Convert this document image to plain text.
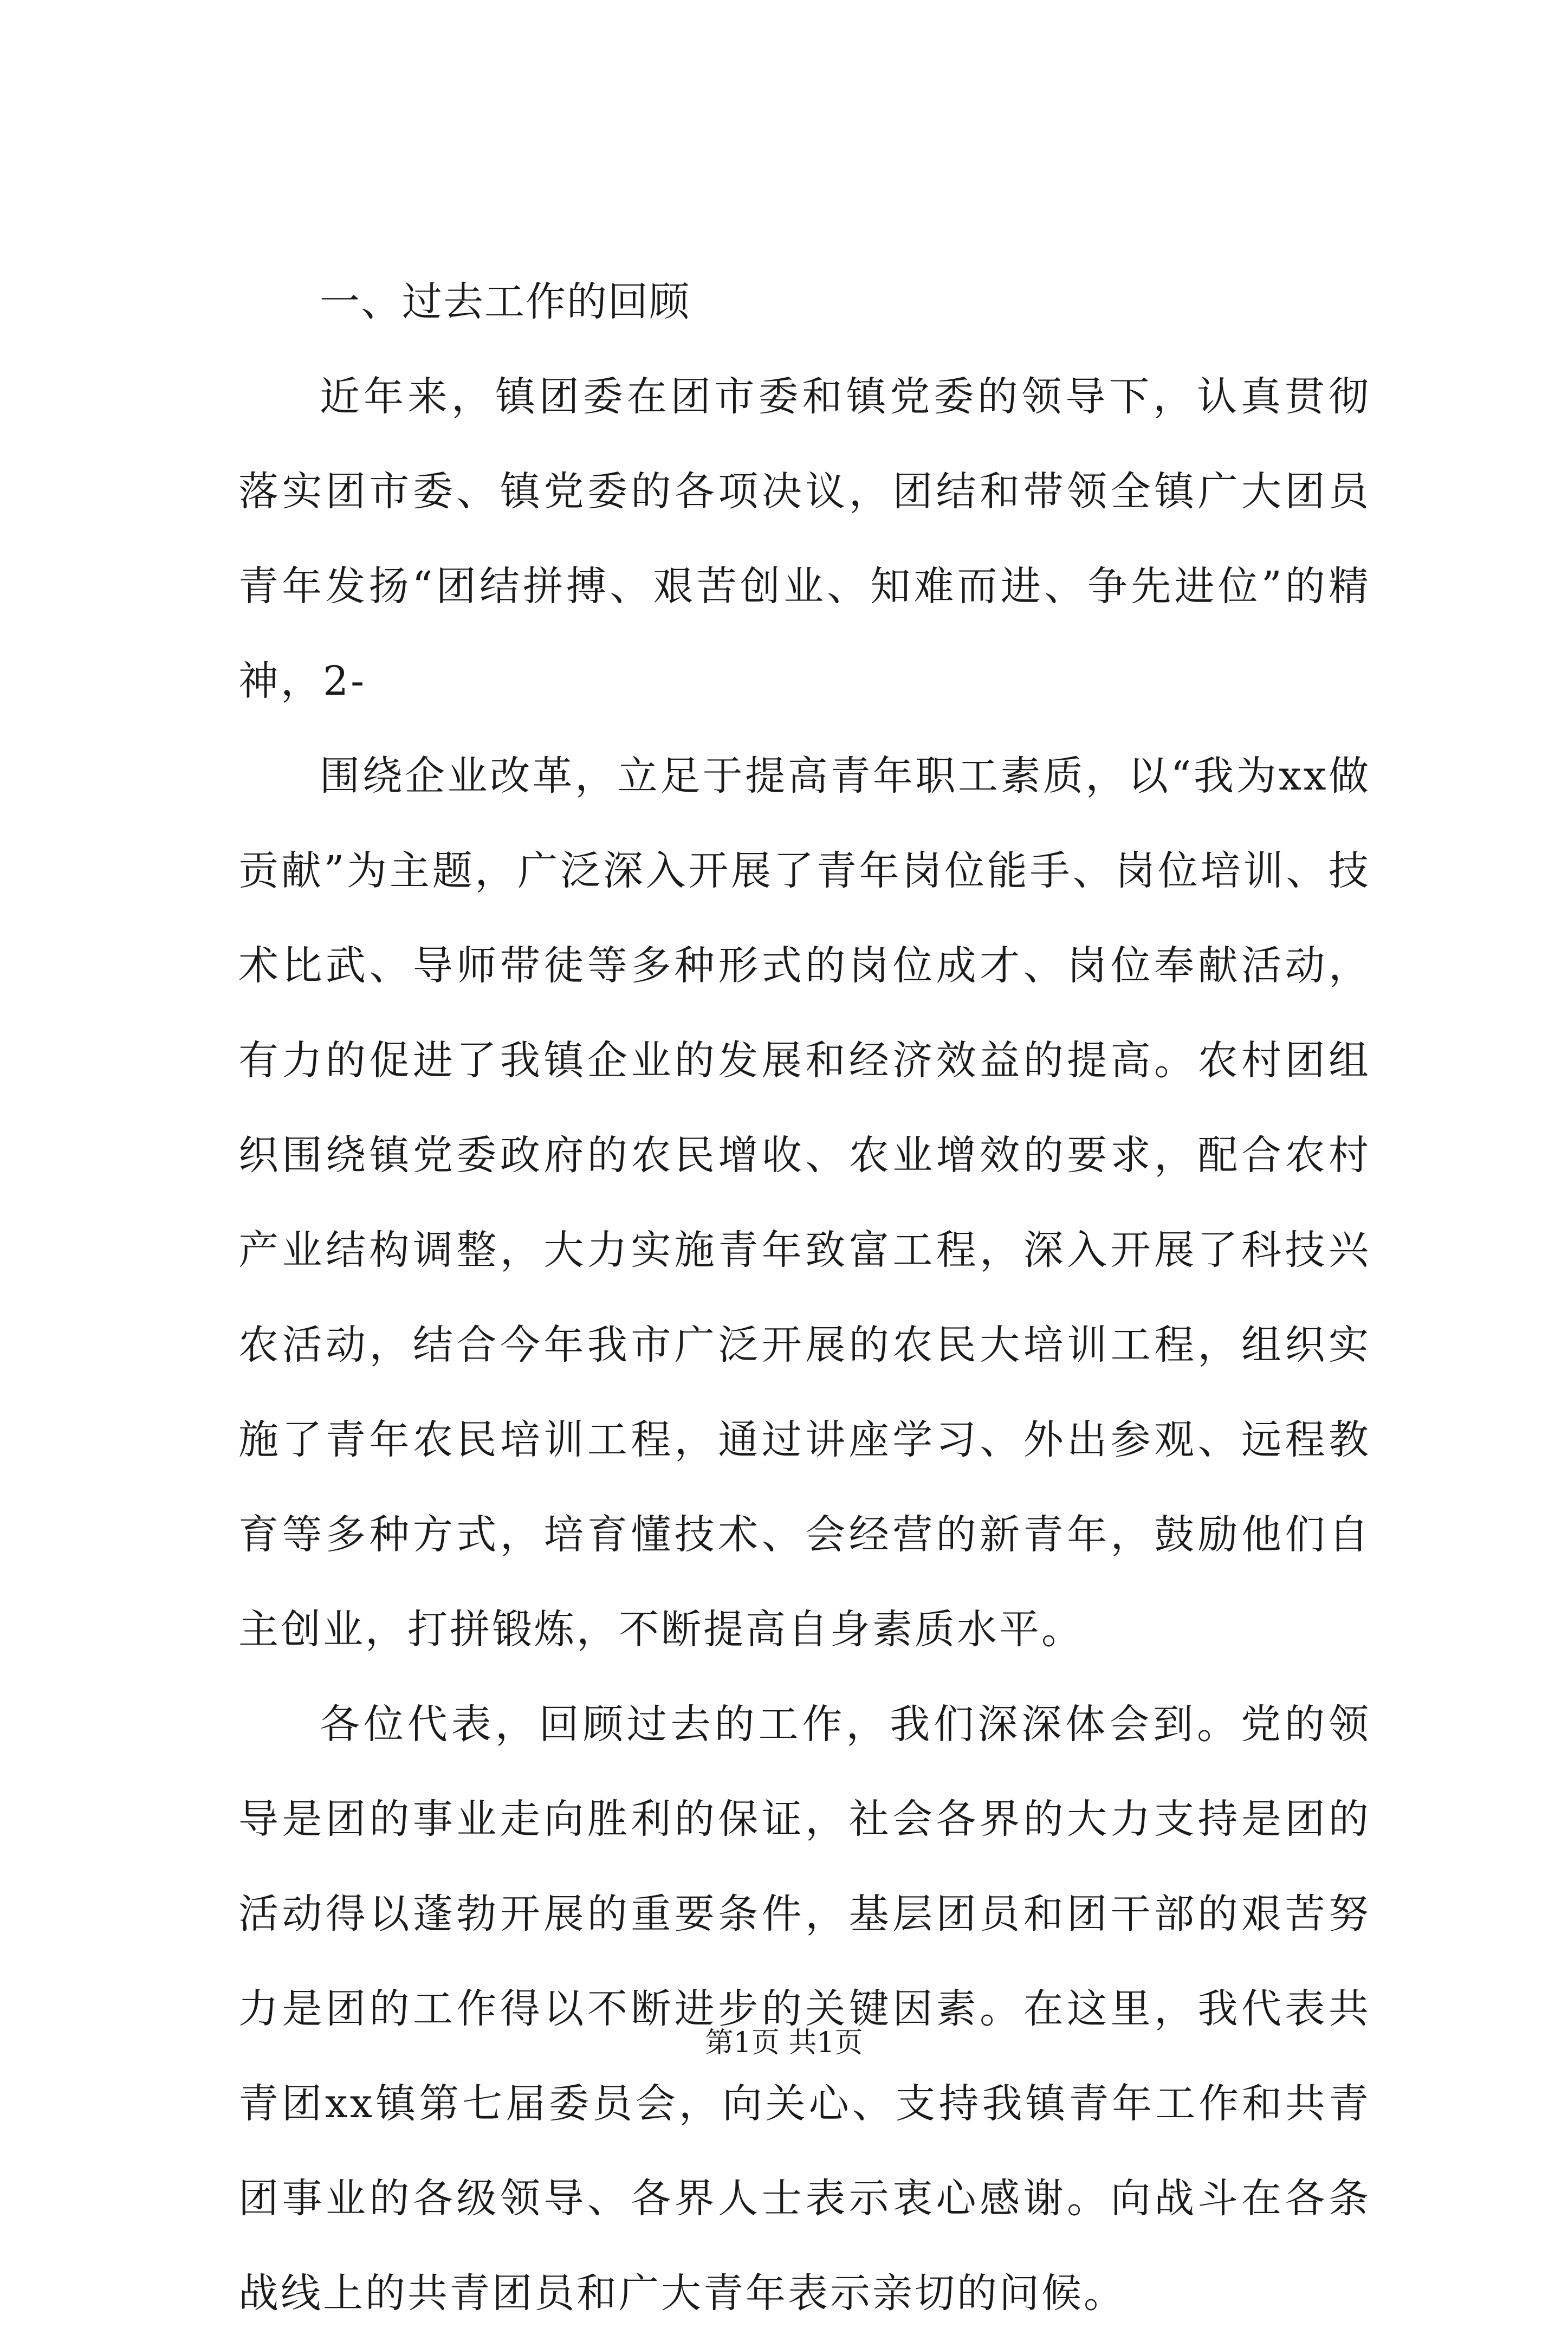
一、过去工作的回顾

近年来，镇团委在团市委和镇党委的领导下，认真贯彻落实团市委、镇党委的各项决议，团结和带领全镇广大团员青年发扬“团结拼搏、艰苦创业、知难而进、争先进位”的精神，2-

围绕企业改革，立足于提高青年职工素质，以“我为xx做贡献”为主题，广泛深入开展了青年岗位能手、岗位培训、技术比武、导师带徒等多种形式的岗位成才、岗位奉献活动，有力的促进了我镇企业的发展和经济效益的提高。农村团组织围绕镇党委政府的农民增收、农业增效的要求，配合农村产业结构调整，大力实施青年致富工程，深入开展了科技兴农活动，结合今年我市广泛开展的农民大培训工程，组织实施了青年农民培训工程，通过讲座学习、外出参观、远程教育等多种方式，培育懂技术、会经营的新青年，鼓励他们自主创业，打拼锻炼，不断提高自身素质水平。

各位代表，回顾过去的工作，我们深深体会到。党的领导是团的事业走向胜利的保证，社会各界的大力支持是团的活动得以蓬勃开展的重要条件，基层团员和团干部的艰苦努力是团的工作得以不断进步的关键因素。在这里，我代表共青团xx镇第七届委员会，向关心、支持我镇青年工作和共青团事业的各级领导、各界人士表示衷心感谢。向战斗在各条战线上的共青团员和广大青年表示亲切的问候。

第1页 共1页
